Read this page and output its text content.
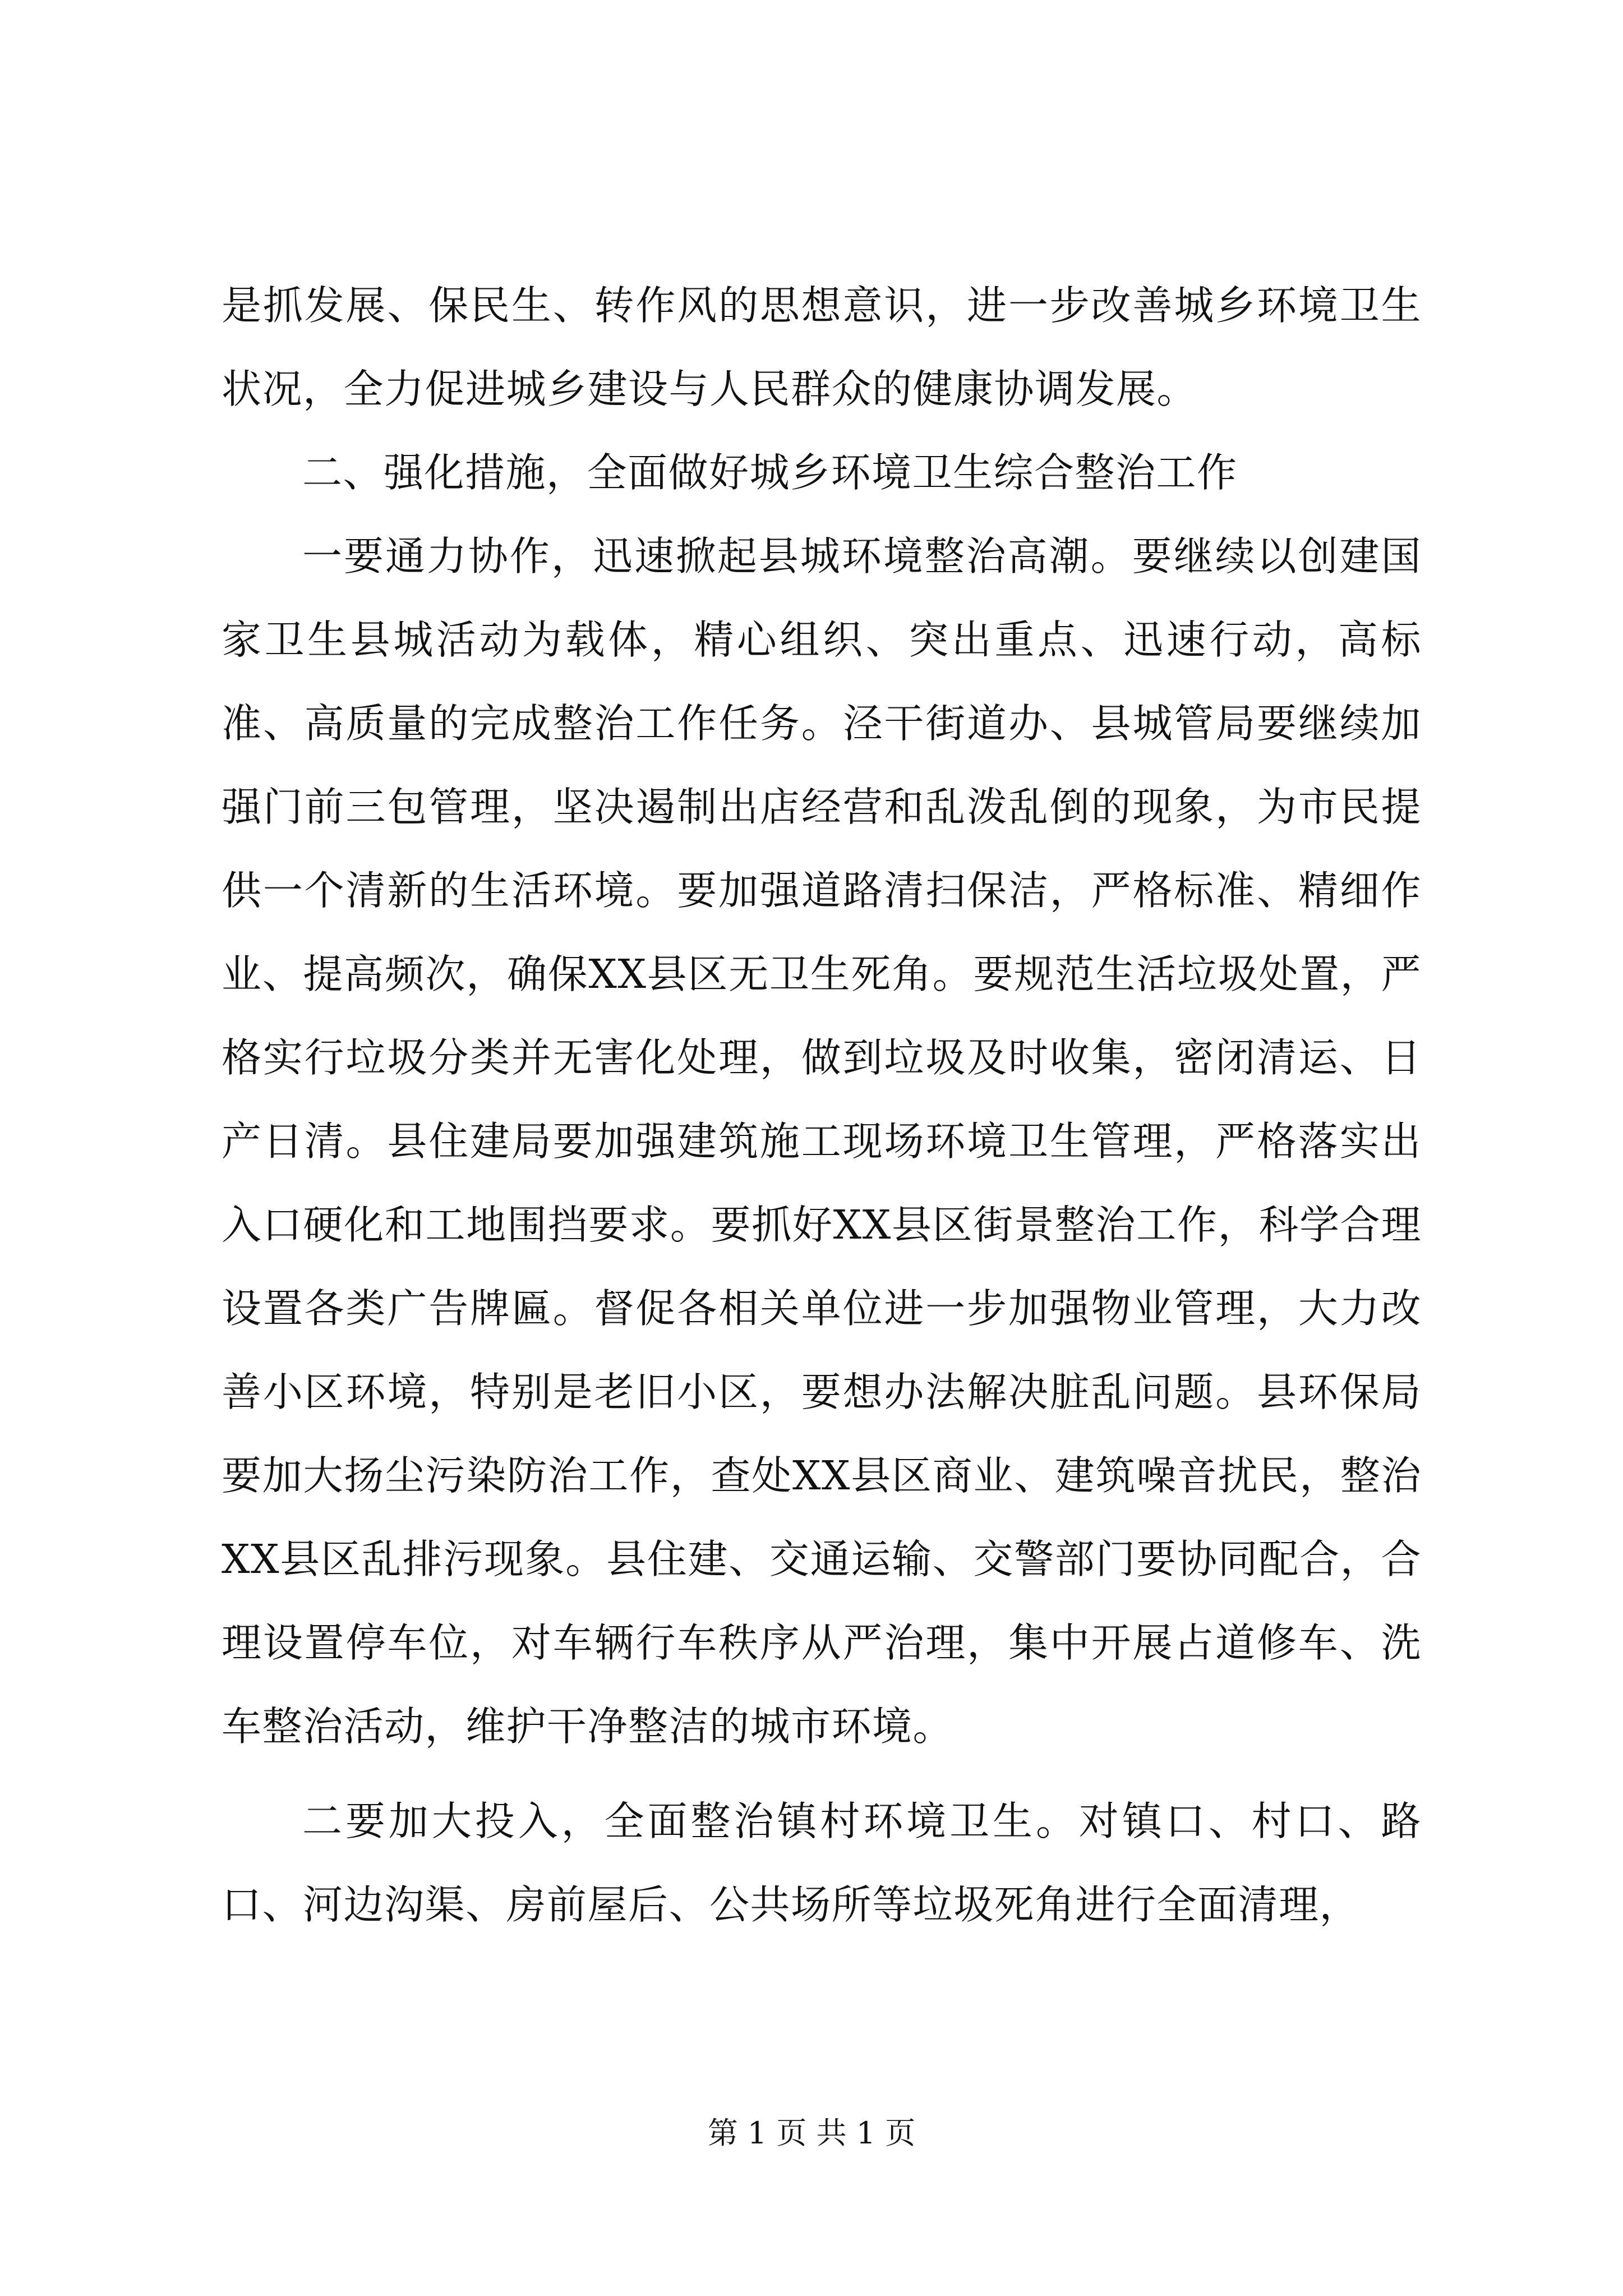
是抓发展、保民生、转作风的思想意识，进一步改善城乡环境卫生状况，全力促进城乡建设与人民群众的健康协调发展。

二、强化措施，全面做好城乡环境卫生综合整治工作

一要通力协作，迅速掀起县城环境整治高潮。要继续以创建国家卫生县城活动为载体，精心组织、突出重点、迅速行动，高标准、高质量的完成整治工作任务。泾干街道办、县城管局要继续加强门前三包管理，坚决遏制出店经营和乱泼乱倒的现象，为市民提供一个清新的生活环境。要加强道路清扫保洁，严格标准、精细作业、提高频次，确保XX县区无卫生死角。要规范生活垃圾处置，严格实行垃圾分类并无害化处理，做到垃圾及时收集，密闭清运、日产日清。县住建局要加强建筑施工现场环境卫生管理，严格落实出入口硬化和工地围挡要求。要抓好XX县区街景整治工作，科学合理设置各类广告牌匾。督促各相关单位进一步加强物业管理，大力改善小区环境，特别是老旧小区，要想办法解决脏乱问题。县环保局要加大扬尘污染防治工作，查处XX县区商业、建筑噪音扰民，整治XX县区乱排污现象。县住建、交通运输、交警部门要协同配合，合理设置停车位，对车辆行车秩序从严治理，集中开展占道修车、洗车整治活动，维护干净整洁的城市环境。

二要加大投入，全面整治镇村环境卫生。对镇口、村口、路口、河边沟渠、房前屋后、公共场所等垃圾死角进行全面清理，

第 1 页 共 1 页
